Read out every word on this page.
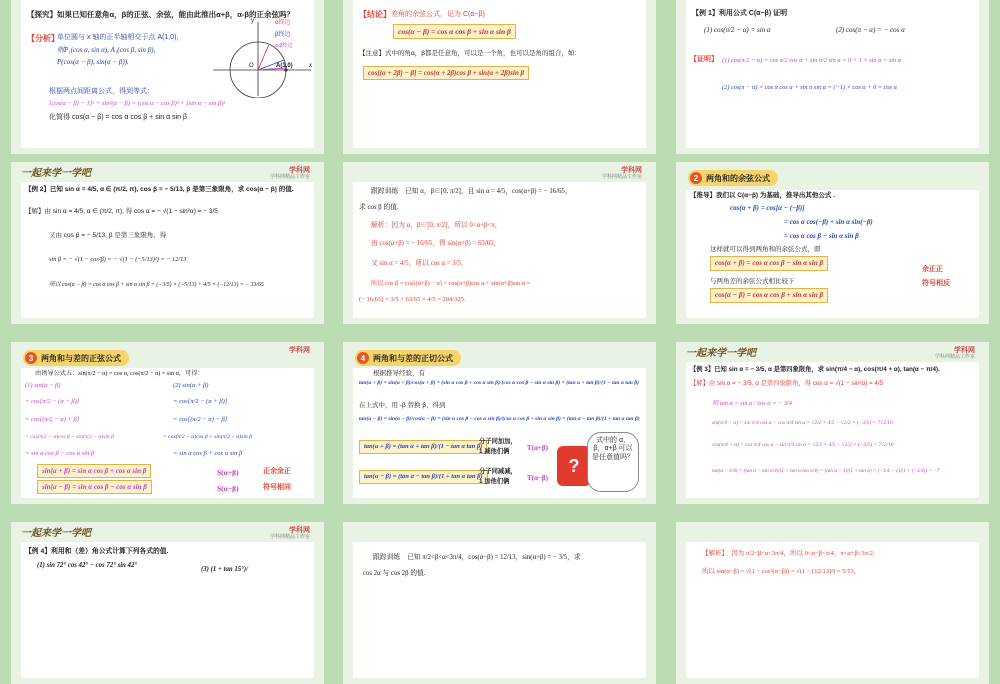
【探究】如果已知任意角α，β的正弦、余弦，能由此推出α+β，α-β的正余弦吗？
【分析】
单位圆与 x 轴的正半轴相交于点 A(1,0)，
则P₁(cos α, sin α), A₁(cos β, sin β),
P(cos(α − β), sin(α − β)).
根据两点间距离公式，得到等式：
[cos(α − β) − 1]² + sin²(α − β) = (cos α − cos β)² + (sin α − sin β)²
化简得 cos(α − β) = cos α cos β + sin α sin β
α终边
β终边
α-β终边
A(1,0)
O	x
y
【结论】 差角的余弦公式，记为 C(α−β)
cos(α − β) = cos α cos β + sin α sin β
【注意】式中的角α，β都是任意角，可以是一个角，也可以是角的组合，如:
cos[(α + 2β) − β] = cos(α + 2β)cos β + sin(α + 2β)sin β
【例 1】利用公式 C(α−β) 证明
(1) cos(π/2 − α) = sin α	(2) cos(π − α) = − cos α
【证明】 (1) cos(π/2 − α) = cos π/2 cos α + sin π/2 sin α = 0 + 1 × sin α = sin α
(2) cos(π − α) = cos π cos α + sin π sin α = (−1) × cos α + 0 = cos α
一起来学一学吧	学科网
学科网精品工作室
【例 2】已知 sin α = 4/5, α ∈ (π/2, π), cos β = − 5/13, β 是第三象限角，求 cos(α − β) 的值.
【解】由 sin α = 4/5, α ∈ (π/2, π), 得 cos α = − √(1 − sin²α) = − 3/5
又由 cos β = − 5/13, β 是第三象限角，得
sin β = − √(1 − cos²β) = − √(1 − (−5/13)²) = − 12/13
所以 cos(α − β) = cos α cos β + sin α sin β = (−3/5) × (−5/13) + 4/5 × (−12/13) = − 33/65
学科网
学科网精品工作室
跟踪训练　已知 α，β∈[0, π/2]，且 sin α = 4/5，cos(α+β) = − 16/65，
求 cos β 的值.
解析：因为 α，β∈[0, π/2]，所以 0<α+β<π，
由 cos(α+β) = − 16/65，得 sin(α+β) = 63/65，
又 sin α = 4/5，所以 cos α = 3/5，
所以 cos β = cos[(α+β) − α] = cos(α+β)cos α + sin(α+β)sin α =
(− 16/65) × 3/5 + 63/65 × 4/5 = 204/325.
2 两角和的余弦公式
【推导】我们以 C(α−β) 为基础，推导出其他公式 .
cos(α + β) = cos[α − (−β)]
= cos α cos(−β) + sin α sin(−β)
= cos α cos β − sin α sin β
这样就可以得到两角和的余弦公式，即
cos(α + β) = cos α cos β − sin α sin β
与两角差的余弦公式相比较下
cos(α − β) = cos α cos β + sin α sin β
余正正
符号相反
3 两角和与差的正弦公式
学科网
由诱导公式五：sin(π/2 − α) = cos α, cos(π/2 − α) = sin α，可得：
(1) sin(α − β)
= cos[π/2 − (α − β)]
= cos[(π/2 − α) + β]
= cos(π/2 − α)cos β − sin(π/2 − α)sin β
= sin α cos β − cos α sin β
(2) sin(α + β)
= cos[π/2 − (α + β)]
= cos[(π/2 − α) − β]
= cos(π/2 − α)cos β + sin(π/2 − α)sin β
= sin α cos β + cos α sin β
sin(α + β) = sin α cos β + cos α sin β
sin(α − β) = sin α cos β − cos α sin β
S(α+β)
S(α−β)
正余余正
符号相同
4 两角和与差的正切公式
根据推导经验，有
tan(α + β) = sin(α + β)/cos(α + β) = (sin α cos β + cos α sin β)/(cos α cos β − sin α sin β) = (tan α + tan β)/(1 − tan α tan β)
在上式中，用 -β 替换 β，得到
tan(α − β) = sin(α − β)/cos(α − β) = (sin α cos β − cos α sin β)/(cos α cos β + sin α sin β) = (tan α − tan β)/(1 + tan α tan β)
tan(α + β) = (tan α + tan β)/(1 − tan α tan β)
tan(α − β) = (tan α − tan β)/(1 + tan α tan β)
分子同加加，
1 减他们俩
分子同减减，
1 加他们俩
T(α+β)
T(α−β)
?
式中的 α，β，α+β 可以是任意值吗？
一起来学一学吧	学科网
学科网精品工作室
【例 3】已知 sin α = − 3/5, α 是第四象限角，求 sin(π/4 − α), cos(π/4 + α), tan(α − π/4).
【解】由 sin α = − 3/5, α 是第四象限角，得 cos α = √(1 − sin²α) = 4/5
则 tan α = sin α / cos α = − 3/4
sin(π/4 − α) = sin π/4 cos α − cos π/4 sin α = √2/2 × 4/5 − √2/2 × (−3/5) = 7√2/10
cos(π/4 + α) = cos π/4 cos α − sin π/4 sin α = √2/2 × 4/5 − √2/2 × (−3/5) = 7√2/10
tan(α − π/4) = (tan α − tan π/4)/(1 + tan α tan π/4) = (tan α − 1)/(1 + tan α) = (−3/4 − 1)/(1 + (−3/4)) = −7
一起来学一学吧	学科网
学科网精品工作室
【例 4】利用和（差）角公式计算下列各式的值.
(1) sin 72° cos 42° − cos 72° sin 42°
(3) (1 + tan 15°)/
跟踪训练　已知 π/2<β<α<3π/4，cos(α−β) = 12/13，sin(α+β) = − 3/5，求
cos 2α 与 cos 2β 的值.
【解析】　因为 π/2<β<α<3π/4，所以 0<α−β<π/4，π<α+β<3π/2.
所以 sin(α−β) = √(1 − cos²(α−β)) = √(1 − (12/13)²) = 5/13，
